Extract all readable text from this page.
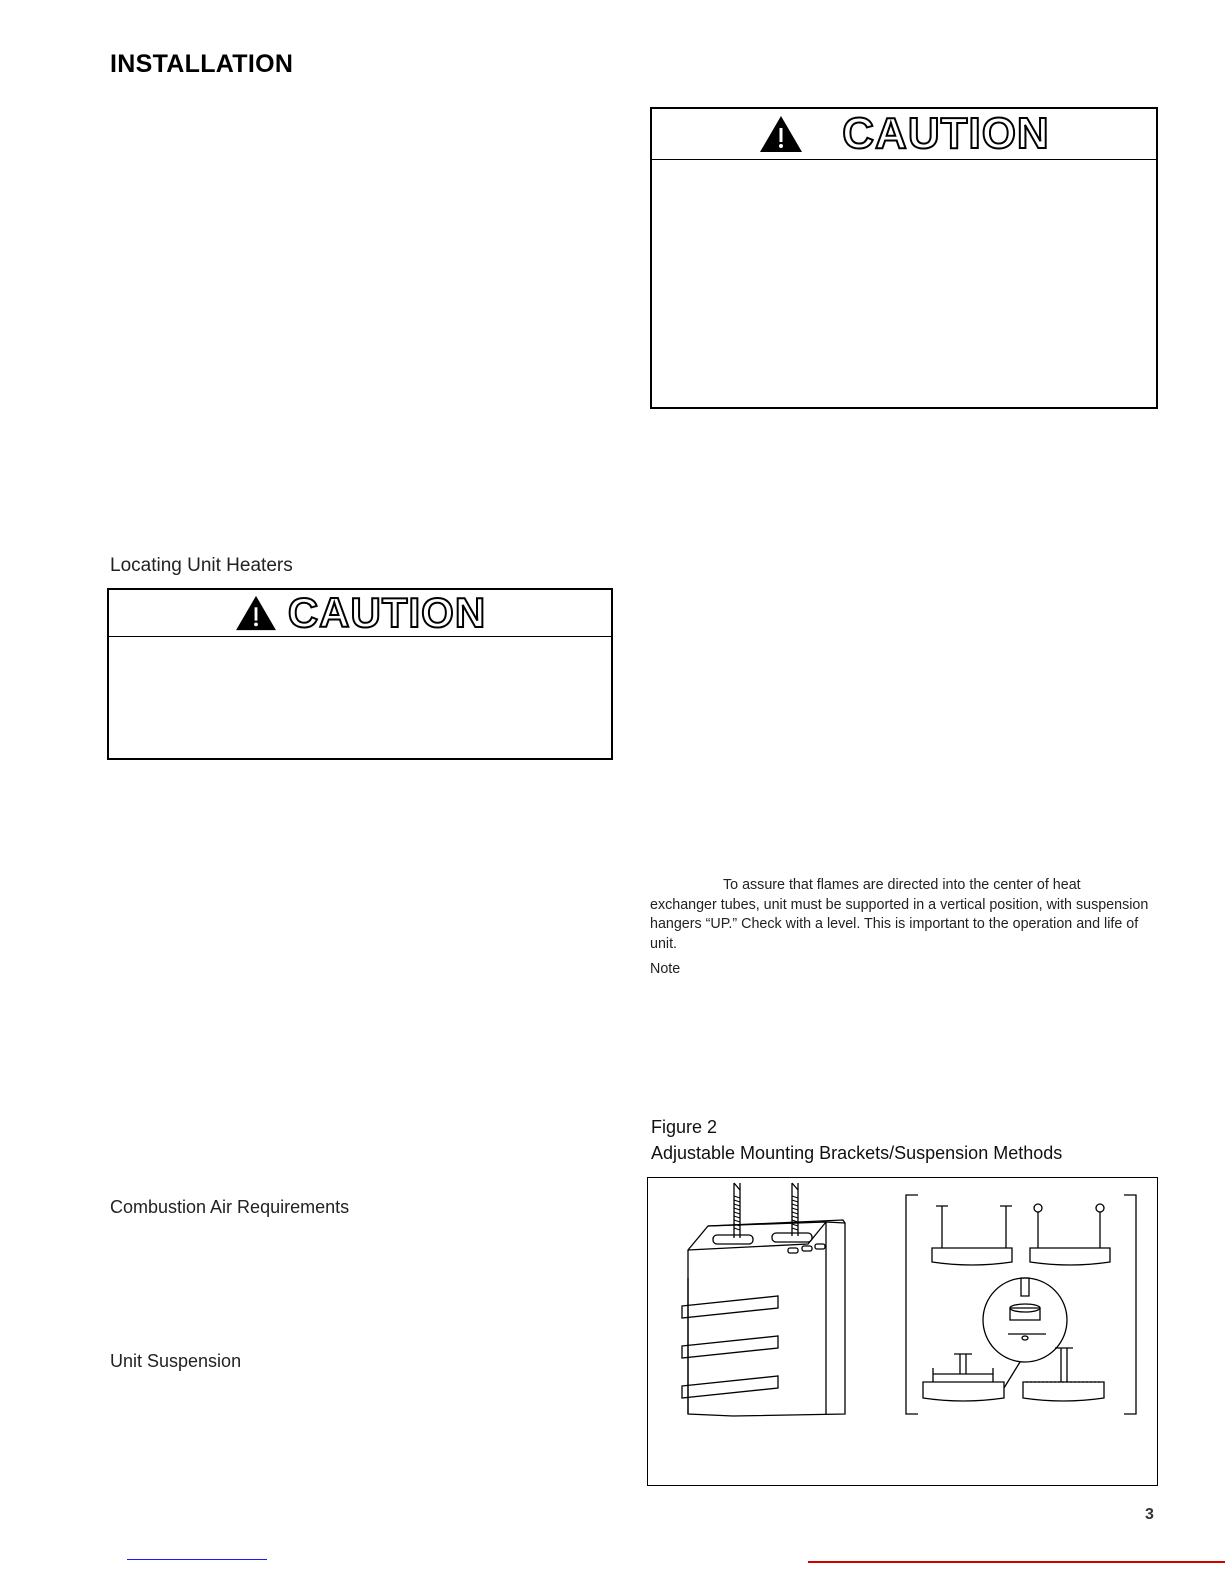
INSTALLATION
CAUTION
Locating Unit Heaters
CAUTION
Combustion Air Requirements
Unit Suspension
To assure that flames are directed into the center of heat exchanger tubes, unit must be supported in a vertical position, with suspension hangers “UP.” Check with a level. This is important to the operation and life of unit.
Note
Figure 2
Adjustable Mounting Brackets/Suspension Methods
3
